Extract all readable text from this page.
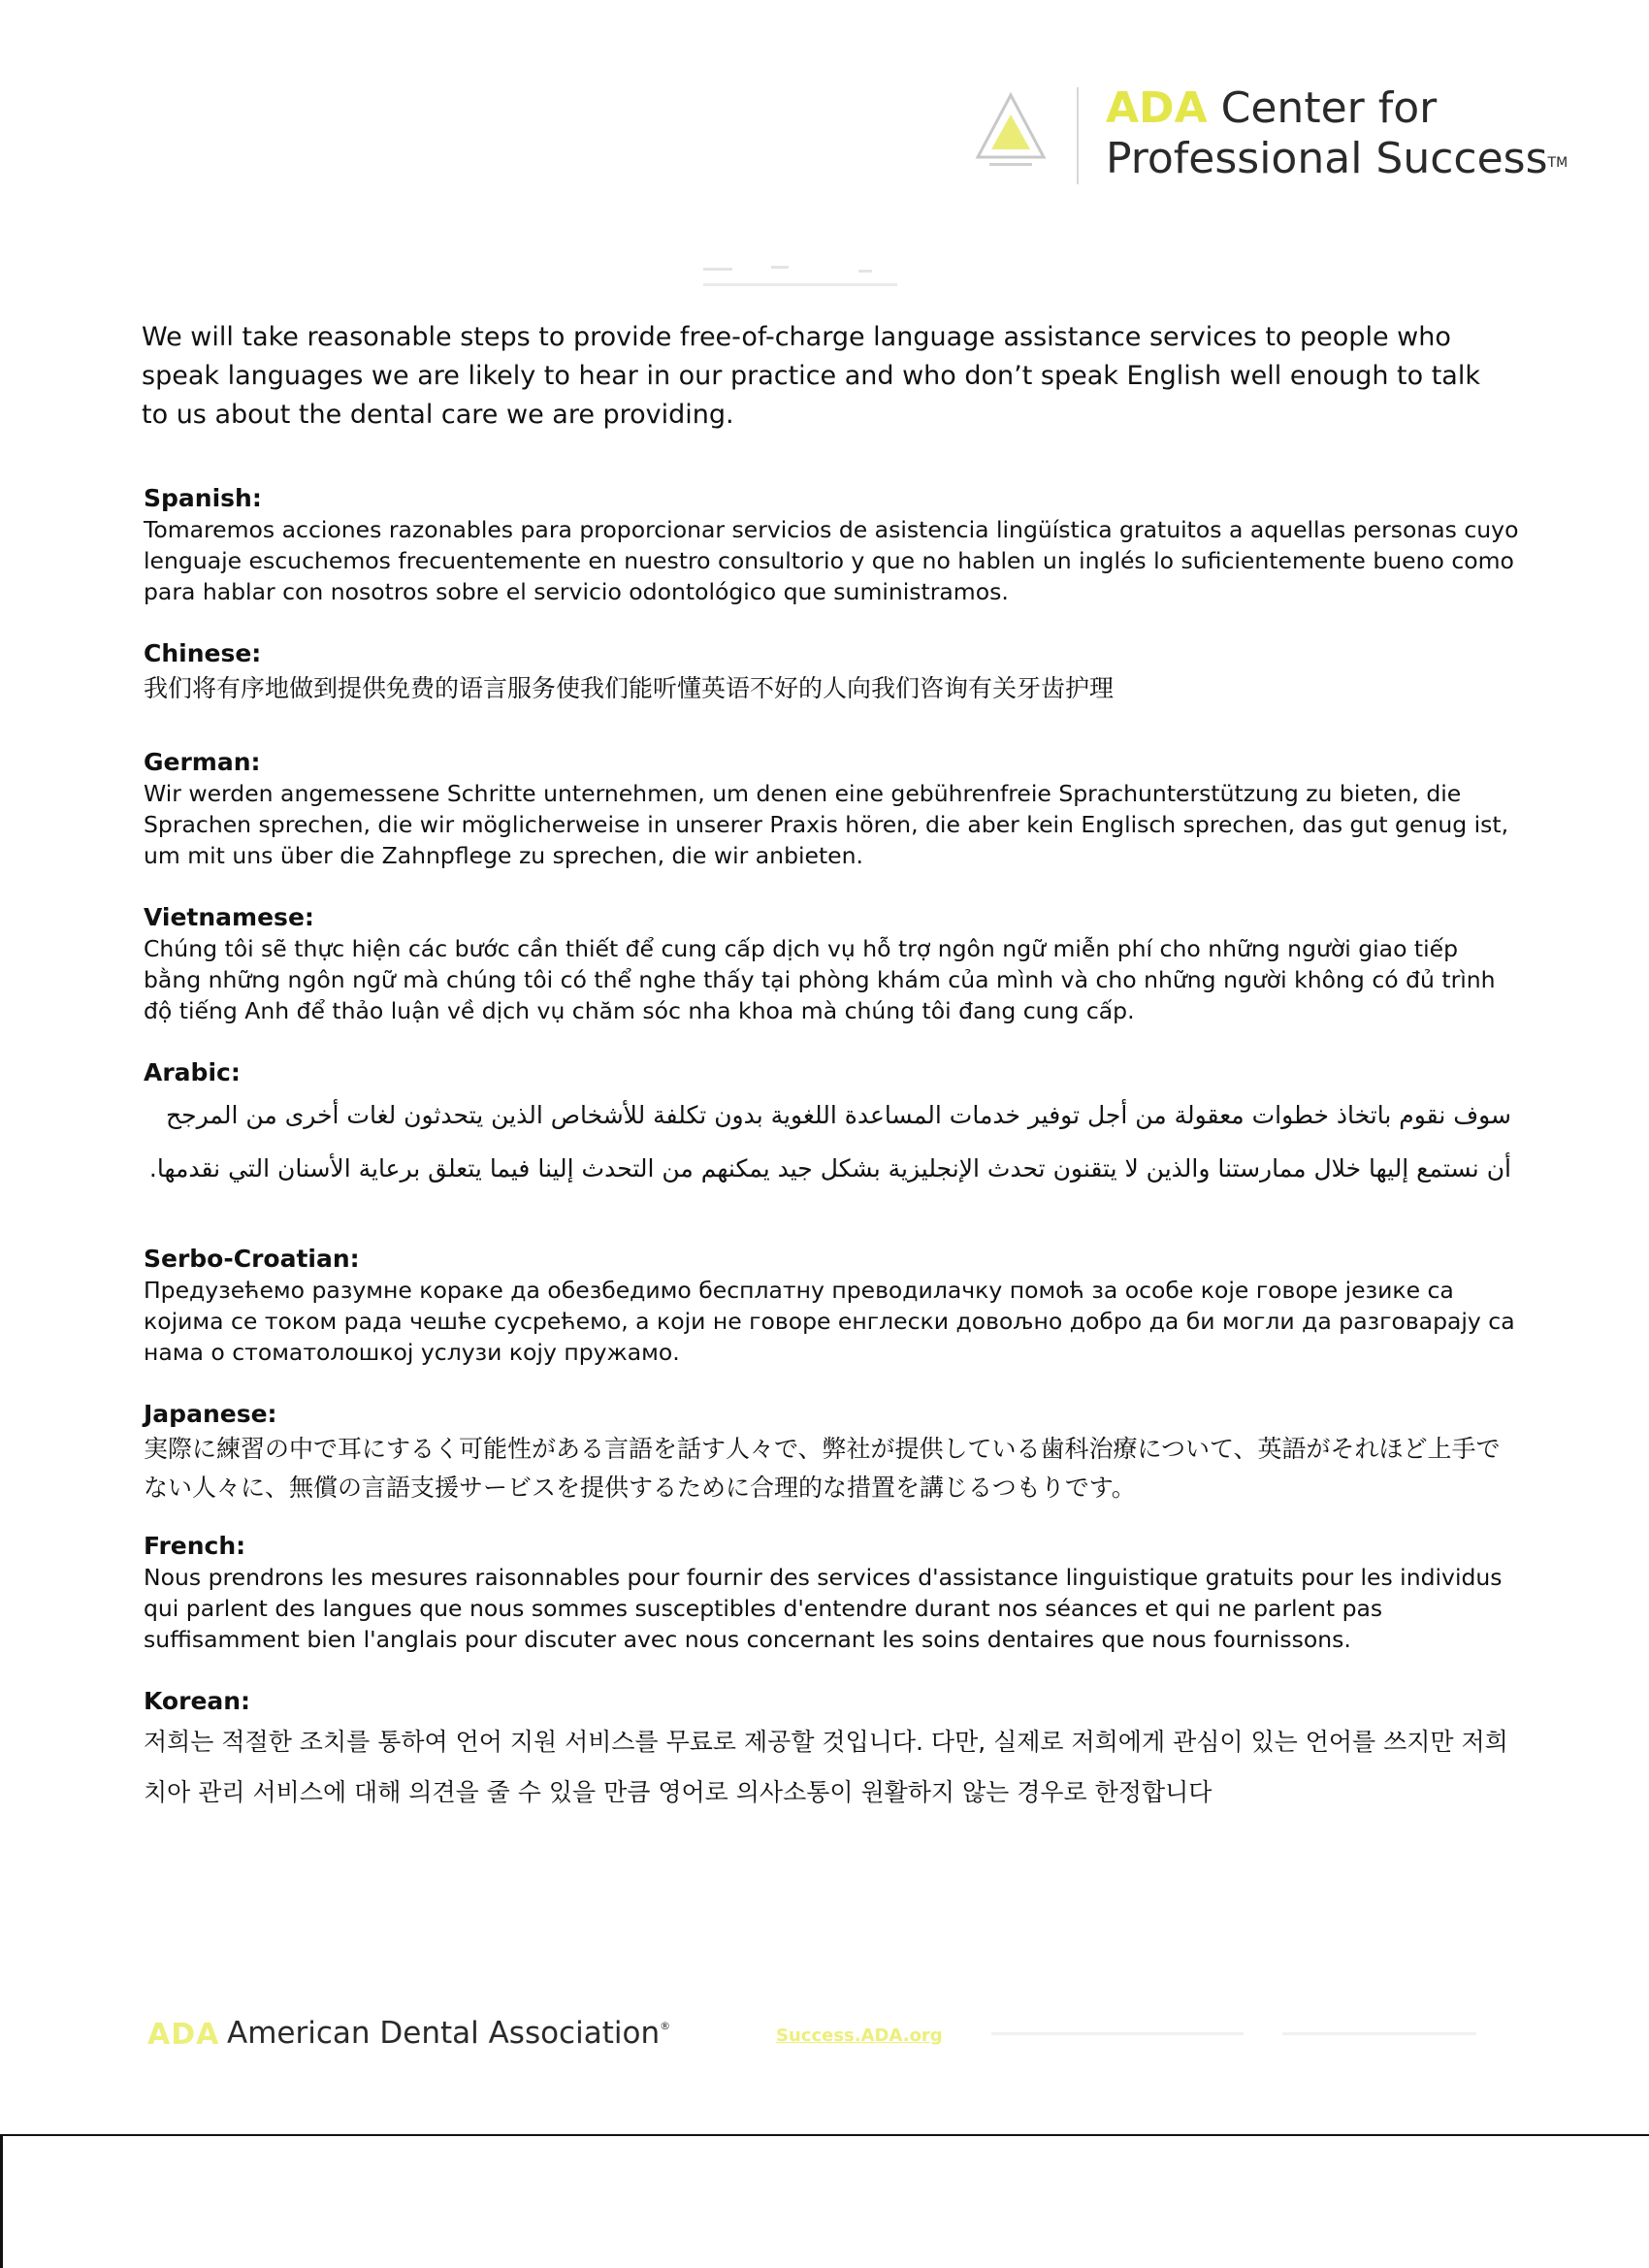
ADA Center for
Professional Success™
We will take reasonable steps to provide free-of-charge language assistance services to people who speak languages we are likely to hear in our practice and who don’t speak English well enough to talk to us about the dental care we are providing.
Spanish:
Tomaremos acciones razonables para proporcionar servicios de asistencia lingüística gratuitos a aquellas personas cuyo lenguaje escuchemos frecuentemente en nuestro consultorio y que no hablen un inglés lo suficientemente bueno como para hablar con nosotros sobre el servicio odontológico que suministramos.
Chinese:
我们将有序地做到提供免费的语言服务使我们能听懂英语不好的人向我们咨询有关牙齿护理
German:
Wir werden angemessene Schritte unternehmen, um denen eine gebührenfreie Sprachunterstützung zu bieten, die Sprachen sprechen, die wir möglicherweise in unserer Praxis hören, die aber kein Englisch sprechen, das gut genug ist, um mit uns über die Zahnpflege zu sprechen, die wir anbieten.
Vietnamese:
Chúng tôi sẽ thực hiện các bước cần thiết để cung cấp dịch vụ hỗ trợ ngôn ngữ miễn phí cho những người giao tiếp bằng những ngôn ngữ mà chúng tôi có thể nghe thấy tại phòng khám của mình và cho những người không có đủ trình độ tiếng Anh để thảo luận về dịch vụ chăm sóc nha khoa mà chúng tôi đang cung cấp.
Arabic:
سوف نقوم باتخاذ خطوات معقولة من أجل توفير خدمات المساعدة اللغوية بدون تكلفة للأشخاص الذين يتحدثون لغات أخرى من المرجح أن نستمع إليها خلال ممارستنا والذين لا يتقنون تحدث الإنجليزية بشكل جيد يمكنهم من التحدث إلينا فيما يتعلق برعاية الأسنان التي نقدمها.
Serbo-Croatian:
Предузећемо разумне кораке да обезбедимо бесплатну преводилачку помоћ за особе које говоре језике са којима се током рада чешће сусрећемо, а који не говоре енглески довољно добро да би могли да разговарају са нама о стоматолошкој услузи коју пружамо.
Japanese:
実際に練習の中で耳にするく可能性がある言語を話す人々で、弊社が提供している歯科治療について、英語がそれほど上手でない人々に、無償の言語支援サービスを提供するために合理的な措置を講じるつもりです。
French:
Nous prendrons les mesures raisonnables pour fournir des services d'assistance linguistique gratuits pour les individus qui parlent des langues que nous sommes susceptibles d'entendre durant nos séances et qui ne parlent pas suffisamment bien l'anglais pour discuter avec nous concernant les soins dentaires que nous fournissons.
Korean:
저희는 적절한 조치를 통하여 언어 지원 서비스를 무료로 제공할 것입니다. 다만, 실제로 저희에게 관심이 있는 언어를 쓰지만 저희 치아 관리 서비스에 대해 의견을 줄 수 있을 만큼 영어로 의사소통이 원활하지 않는 경우로 한정합니다
ADA American Dental Association®	Success.ADA.org
